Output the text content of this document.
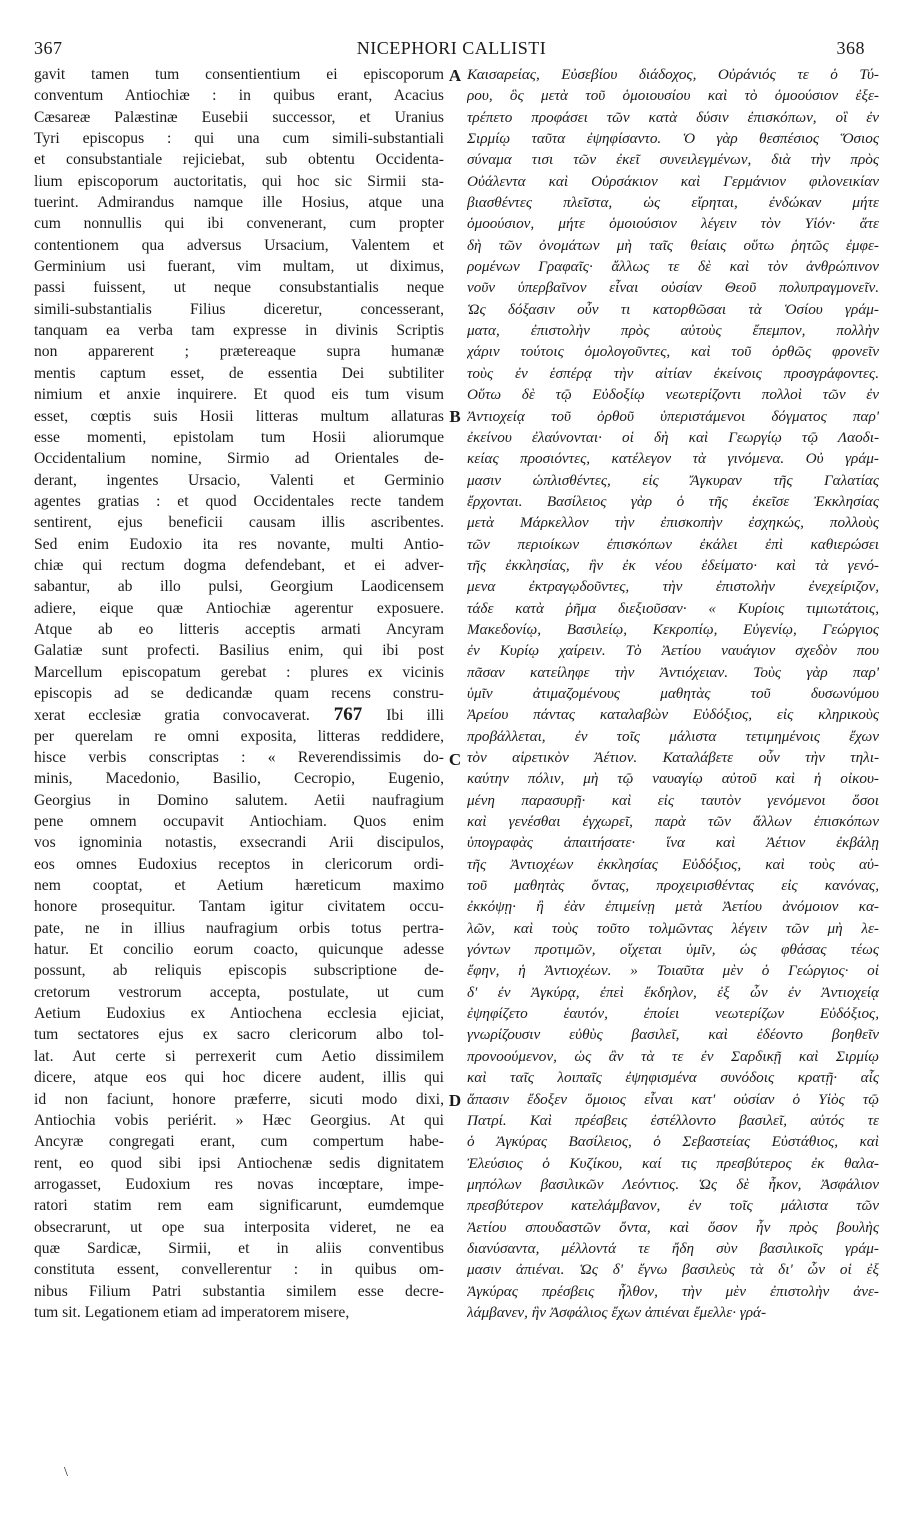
367	NICEPHORI CALLISTI	368
gavit tamen tum consentientium ei episcoporum
conventum Antiochiæ : in quibus erant, Acacius
Cæsareæ Palæstinæ Eusebii successor, et Uranius
Tyri episcopus : qui una cum simili-substantiali
et consubstantiale rejiciebat, sub obtentu Occidenta-
lium episcoporum auctoritatis, qui hoc sic Sirmii sta-
tuerint. Admirandus namque ille Hosius, atque una
cum nonnullis qui ibi convenerant, cum propter
contentionem qua adversus Ursacium, Valentem et
Germinium usi fuerant, vim multam, ut diximus,
passi fuissent, ut neque consubstantialis neque
simili-substantialis Filius diceretur, concesserant,
tanquam ea verba tam expresse in divinis Scriptis
non apparerent ; prætereaque supra humanæ
mentis captum esset, de essentia Dei subtiliter
nimium et anxie inquirere. Et quod eis tum visum
esset, cœptis suis Hosii litteras multum allaturas
esse momenti, epistolam tum Hosii aliorumque
Occidentalium nomine, Sirmio ad Orientales de-
derant, ingentes Ursacio, Valenti et Germinio
agentes gratias : et quod Occidentales recte tandem
sentirent, ejus beneficii causam illis ascribentes.
Sed enim Eudoxio ita res novante, multi Antio-
chiæ qui rectum dogma defendebant, et ei adver-
sabantur, ab illo pulsi, Georgium Laodicensem
adiere, eique quæ Antiochiæ agerentur exposuere.
Atque ab eo litteris acceptis armati Ancyram
Galatiæ sunt profecti. Basilius enim, qui ibi post
Marcellum episcopatum gerebat : plures ex vicinis
episcopis ad se dedicandæ quam recens constru-
xerat ecclesiæ gratia convocaverat. 767 Ibi illi
per querelam re omni exposita, litteras reddidere,
hisce verbis conscriptas : « Reverendissimis do-
minis, Macedonio, Basilio, Cecropio, Eugenio,
Georgius in Domino salutem. Aetii naufragium
pene omnem occupavit Antiochiam. Quos enim
vos ignominia notastis, exsecrandi Arii discipulos,
eos omnes Eudoxius receptos in clericorum ordi-
nem cooptat, et Aetium hæreticum maximo
honore prosequitur. Tantam igitur civitatem occu-
pate, ne in illius naufragium orbis totus pertra-
hatur. Et concilio eorum coacto, quicunque adesse
possunt, ab reliquis episcopis subscriptione de-
cretorum vestrorum accepta, postulate, ut cum
Aetium Eudoxius ex Antiochena ecclesia ejiciat,
tum sectatores ejus ex sacro clericorum albo tol-
lat. Aut certe si perrexerit cum Aetio dissimilem
dicere, atque eos qui hoc dicere audent, illis qui
id non faciunt, honore præferre, sicuti modo dixi,
Antiochia vobis periérit. » Hæc Georgius. At qui
Ancyræ congregati erant, cum compertum habe-
rent, eo quod sibi ipsi Antiochenæ sedis dignitatem
arrogasset, Eudoxium res novas incœptare, impe-
ratori statim rem eam significarunt, eumdemque
obsecrarunt, ut ope sua interposita videret, ne ea
quæ Sardicæ, Sirmii, et in aliis conventibus
constituta essent, convellerentur : in quibus om-
nibus Filium Patri substantia similem esse decre-
tum sit. Legationem etiam ad imperatorem misere,
A
B
C
D
Καισαρείας, Εὐσεβίου διάδοχος, Οὐράνιός τε ὁ Τύ-
ρου, ὃς μετὰ τοῦ ὁμοιουσίου καὶ τὸ ὁμοούσιον ἐξε-
τρέπετο προφάσει τῶν κατὰ δύσιν ἐπισκόπων, οἳ ἐν
Σιρμίῳ ταῦτα ἐψηφίσαντο. Ὁ γὰρ θεσπέσιος Ὅσιος
σύναμα τισι τῶν ἐκεῖ συνειλεγμένων, διὰ τὴν πρὸς
Οὐάλεντα καὶ Οὐρσάκιον καὶ Γερμάνιον φιλονεικίαν
βιασθέντες πλεῖστα, ὡς εἴρηται, ἐνδώκαν μήτε
ὁμοούσιον, μήτε ὁμοιούσιον λέγειν τὸν Υἱόν· ἅτε
δὴ τῶν ὀνομάτων μὴ ταῖς θείαις οὕτω ῥητῶς ἐμφε-
ρομένων Γραφαῖς· ἄλλως τε δὲ καὶ τὸν ἀνθρώπινον
νοῦν ὑπερβαῖνον εἶναι οὐσίαν Θεοῦ πολυπραγμονεῖν.
Ὡς δόξασιν οὖν τι κατορθῶσαι τὰ Ὁσίου γράμ-
ματα, ἐπιστολὴν πρὸς αὐτοὺς ἔπεμπον, πολλὴν
χάριν τούτοις ὁμολογοῦντες, καὶ τοῦ ὀρθῶς φρονεῖν
τοὺς ἐν ἑσπέρᾳ τὴν αἰτίαν ἐκείνοις προσγράφοντες.
Οὕτω δὲ τῷ Εὐδοξίῳ νεωτερίζοντι πολλοὶ τῶν ἐν
Ἀντιοχείᾳ τοῦ ὀρθοῦ ὑπεριστάμενοι δόγματος παρ'
ἐκείνου ἐλαύνονται· οἱ δὴ καὶ Γεωργίῳ τῷ Λαοδι-
κείας προσιόντες, κατέλεγον τὰ γινόμενα. Οὐ γράμ-
μασιν ὡπλισθέντες, εἰς Ἄγκυραν τῆς Γαλατίας
ἔρχονται. Βασίλειος γὰρ ὁ τῆς ἐκεῖσε Ἐκκλησίας
μετὰ Μάρκελλον τὴν ἐπισκοπὴν ἐσχηκώς, πολλοὺς
τῶν περιοίκων ἐπισκόπων ἐκάλει ἐπὶ καθιερώσει
τῆς ἐκκλησίας, ἣν ἐκ νέου ἐδείματο· καὶ τὰ γενό-
μενα ἐκτραγῳδοῦντες, τὴν ἐπιστολὴν ἐνεχείριζον,
τάδε κατὰ ῥῆμα διεξιοῦσαν· « Κυρίοις τιμιωτάτοις,
Μακεδονίῳ, Βασιλείῳ, Κεκροπίῳ, Εὐγενίῳ, Γεώργιος
ἐν Κυρίῳ χαίρειν. Τὸ Ἀετίου ναυάγιον σχεδὸν που
πᾶσαν κατείληφε τὴν Ἀντιόχειαν. Τοὺς γὰρ παρ'
ὑμῖν ἀτιμαζομένους μαθητὰς τοῦ δυσωνύμου
Ἀρείου πάντας καταλαβὼν Εὐδόξιος, εἰς κληρικοὺς
προβάλλεται, ἐν τοῖς μάλιστα τετιμημένοις ἔχων
τὸν αἱρετικὸν Ἀέτιον. Καταλάβετε οὖν τὴν τηλι-
καύτην πόλιν, μὴ τῷ ναυαγίῳ αὐτοῦ καὶ ἡ οἰκου-
μένη παρασυρῇ· καὶ εἰς ταυτὸν γενόμενοι ὅσοι
καὶ γενέσθαι ἐγχωρεῖ, παρὰ τῶν ἄλλων ἐπισκόπων
ὑπογραφὰς ἀπαιτήσατε· ἵνα καὶ Ἀέτιον ἐκβάλῃ
τῆς Ἀντιοχέων ἐκκλησίας Εὐδόξιος, καὶ τοὺς αὐ-
τοῦ μαθητὰς ὄντας, προχειρισθέντας εἰς κανόνας,
ἐκκόψῃ· ἢ ἐὰν ἐπιμείνῃ μετὰ Ἀετίου ἀνόμοιον κα-
λῶν, καὶ τοὺς τοῦτο τολμῶντας λέγειν τῶν μὴ λε-
γόντων προτιμῶν, οἴχεται ὑμῖν, ὡς φθάσας τέως
ἔφην, ἡ Ἀντιοχέων. » Τοιαῦτα μὲν ὁ Γεώργιος· οἱ
δ' ἐν Ἀγκύρᾳ, ἐπεὶ ἔκδηλον, ἐξ ὧν ἐν Ἀντιοχείᾳ
ἐψηφίζετο ἑαυτόν, ἐποίει νεωτερίζων Εὐδόξιος,
γνωρίζουσιν εὐθὺς βασιλεῖ, καὶ ἐδέοντο βοηθεῖν
προνοούμενον, ὡς ἂν τὰ τε ἐν Σαρδικῇ καὶ Σιρμίῳ
καὶ ταῖς λοιπαῖς ἐψηφισμένα συνόδοις κρατῇ· αἷς
ἅπασιν ἔδοξεν ὅμοιος εἶναι κατ' οὐσίαν ὁ Υἱὸς τῷ
Πατρί. Καὶ πρέσβεις ἐστέλλοντο βασιλεῖ, αὐτός τε
ὁ Ἀγκύρας Βασίλειος, ὁ Σεβαστείας Εὐστάθιος, καὶ
Ἐλεύσιος ὁ Κυζίκου, καί τις πρεσβύτερος ἐκ θαλα-
μηπόλων βασιλικῶν Λεόντιος. Ὡς δὲ ἧκον, Ἀσφάλιον
πρεσβύτερον κατελάμβανον, ἐν τοῖς μάλιστα τῶν
Ἀετίου σπουδαστῶν ὄντα, καὶ ὅσον ἦν πρὸς βουλὴς
διανύσαντα, μέλλοντά τε ἤδη σὺν βασιλικοῖς γράμ-
μασιν ἀπιέναι. Ὡς δ' ἔγνω βασιλεὺς τὰ δι' ὧν οἱ ἐξ
Ἀγκύρας πρέσβεις ἧλθον, τὴν μὲν ἐπιστολὴν ἀνε-
λάμβανεν, ἣν Ἀσφάλιος ἔχων ἀπιέναι ἔμελλε· γρά-
\
